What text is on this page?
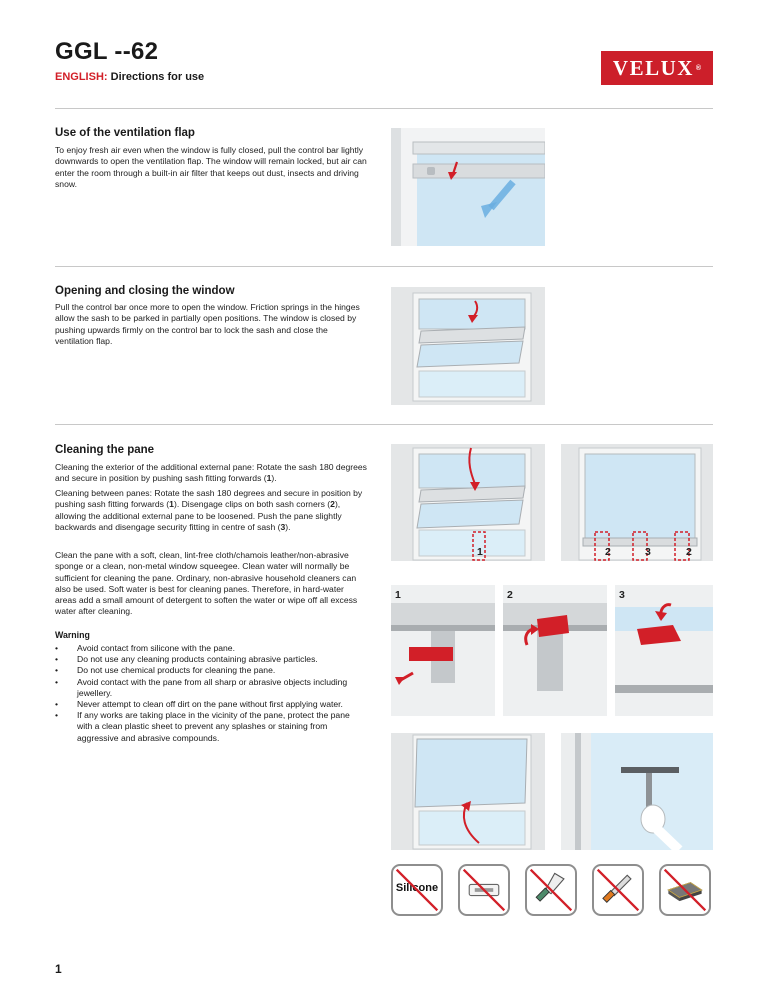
GGL --62
ENGLISH: Directions for use	VELUX ®
Use of the ventilation flap
To enjoy fresh air even when the window is fully closed, pull the control bar lightly downwards to open the ventilation flap. The window will remain locked, but air can enter the room through a built-in air filter that keeps out dust, insects and driving snow.
Opening and closing the window
Pull the control bar once more to open the window. Friction springs in the hinges allow the sash to be parked in partially open positions. The window is closed by pushing upwards firmly on the control bar to lock the sash and close the ventilation flap.
Cleaning the pane
Cleaning the exterior of the additional external pane: Rotate the sash 180 degrees and secure in position by pushing sash fitting forwards (1).
Cleaning between panes: Rotate the sash 180 degrees and secure in position by pushing sash fitting forwards (1). Disengage clips on both sash corners (2), allowing the additional external pane to be loosened. Push the pane slightly backwards and disengage security fitting in centre of sash (3).
Clean the pane with a soft, clean, lint-free cloth/chamois leather/non-abrasive sponge or a clean, non-metal window squeegee. Clean water will normally be sufficient for cleaning the pane. Ordinary, non-abrasive household cleaners can also be used. Soft water is best for cleaning panes. Therefore, in hard-water areas add a small amount of detergent to soften the water or wipe off all excess water after cleaning.
Warning
• Avoid contact from silicone with the pane.
• Do not use any cleaning products containing abrasive particles.
• Do not use chemical products for cleaning the pane.
• Avoid contact with the pane from all sharp or abrasive objects including jewellery.
• Never attempt to clean off dirt on the pane without first applying water.
• If any works are taking place in the vicinity of the pane, protect the pane with a clean plastic sheet to prevent any splashes or staining from aggressive and abrasive compounds.
1	2	3	2
1	2	3
Silicone
1
